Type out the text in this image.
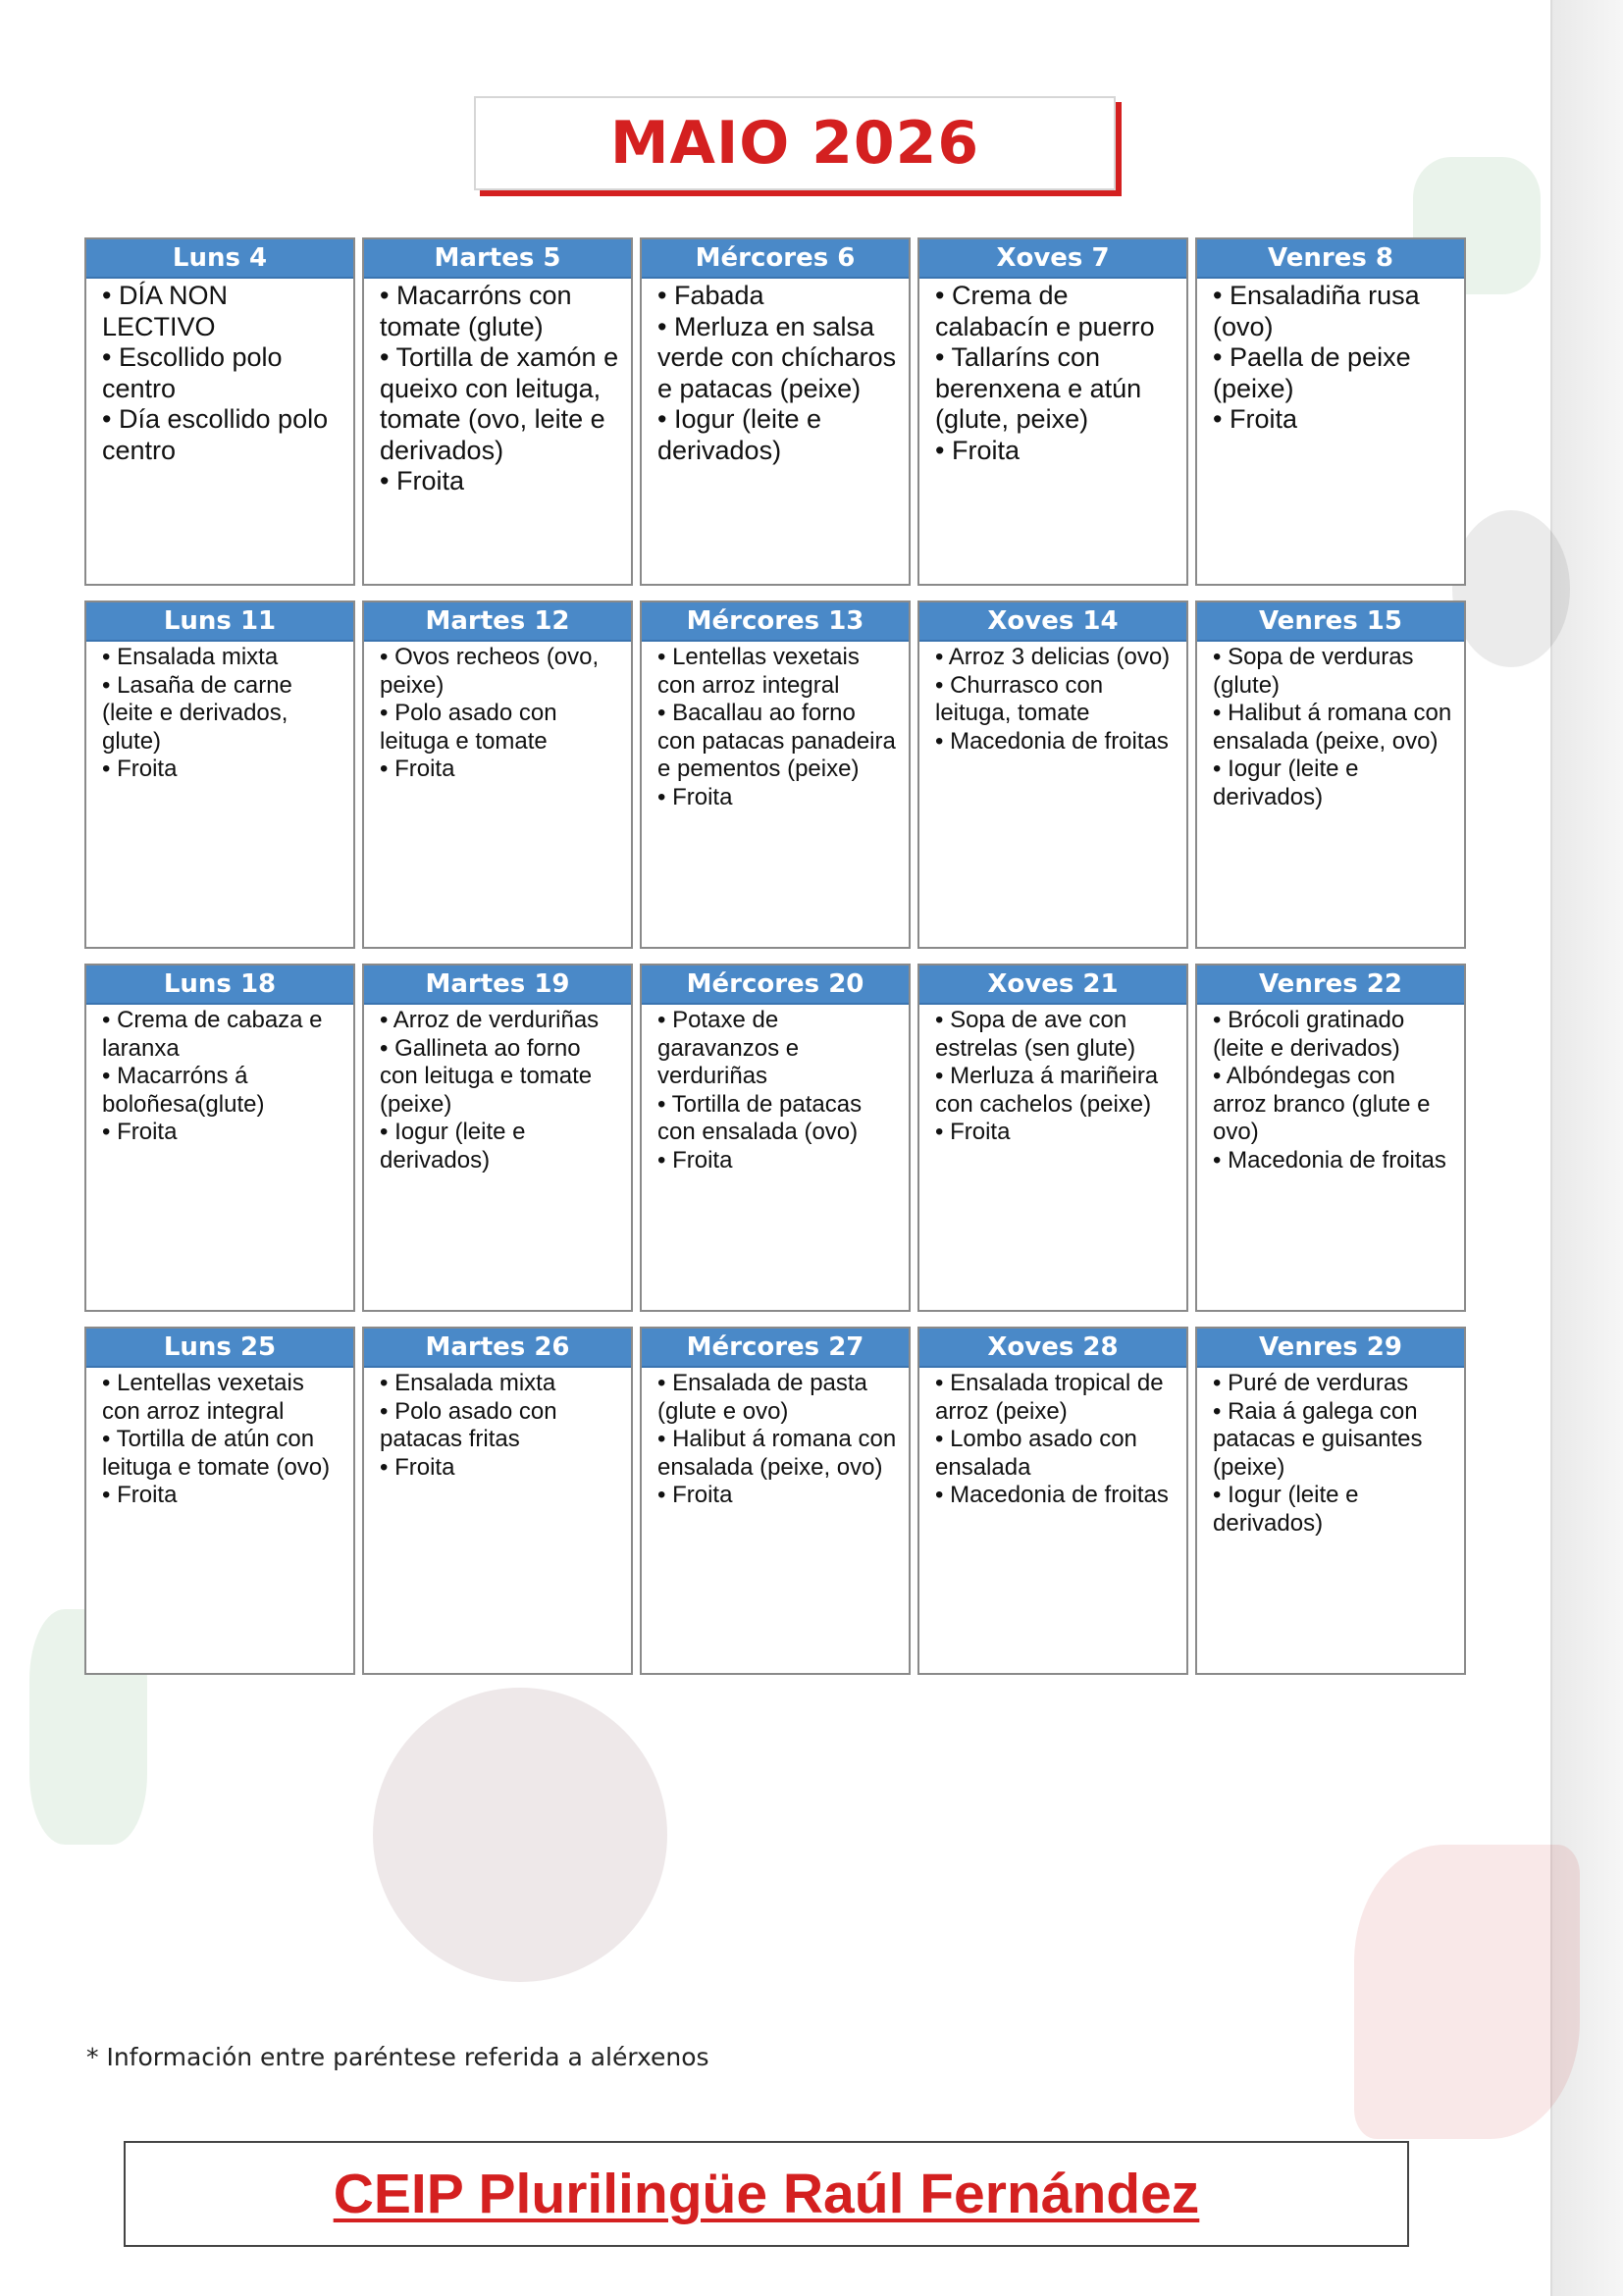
MAIO 2026
Luns 4
• DÍA NON LECTIVO
• Escollido polo centro
• Día escollido polo centro
Martes 5
• Macarróns con tomate (glute)
• Tortilla de xamón e queixo con leituga, tomate (ovo, leite e derivados)
• Froita
Mércores 6
• Fabada
• Merluza en salsa verde con chícharos e patacas (peixe)
• Iogur (leite e derivados)
Xoves 7
• Crema de calabacín e puerro
• Tallaríns con berenxena e atún (glute, peixe)
• Froita
Venres 8
• Ensaladiña rusa (ovo)
• Paella de peixe (peixe)
• Froita
Luns 11
• Ensalada mixta
• Lasaña de carne (leite e derivados, glute)
• Froita
Martes 12
• Ovos recheos (ovo, peixe)
• Polo asado con leituga e tomate
• Froita
Mércores 13
• Lentellas vexetais con arroz integral
• Bacallau ao forno con patacas panadeira e pementos (peixe)
• Froita
Xoves 14
• Arroz 3 delicias (ovo)
• Churrasco con leituga, tomate
• Macedonia de froitas
Venres 15
• Sopa de verduras (glute)
• Halibut á romana con ensalada (peixe, ovo)
• Iogur (leite e derivados)
Luns 18
• Crema de cabaza e laranxa
• Macarróns á boloñesa(glute)
• Froita
Martes 19
• Arroz de verduriñas
• Gallineta ao forno con leituga e tomate (peixe)
• Iogur (leite e derivados)
Mércores 20
• Potaxe de garavanzos e verduriñas
• Tortilla de patacas con ensalada (ovo)
• Froita
Xoves 21
• Sopa de ave con estrelas (sen glute)
• Merluza á mariñeira con cachelos (peixe)
• Froita
Venres 22
• Brócoli gratinado (leite e derivados)
• Albóndegas con arroz branco (glute e ovo)
• Macedonia de froitas
Luns 25
• Lentellas vexetais con arroz integral
• Tortilla de atún con leituga e tomate (ovo)
• Froita
Martes 26
• Ensalada mixta
• Polo asado con patacas fritas
• Froita
Mércores 27
• Ensalada de pasta (glute e ovo)
• Halibut á romana con ensalada (peixe, ovo)
• Froita
Xoves 28
• Ensalada tropical de arroz (peixe)
• Lombo asado con ensalada
• Macedonia de froitas
Venres 29
• Puré de verduras
• Raia á galega con patacas e guisantes (peixe)
• Iogur (leite e derivados)
* Información entre paréntese referida a alérxenos
CEIP Plurilingüe Raúl Fernández
